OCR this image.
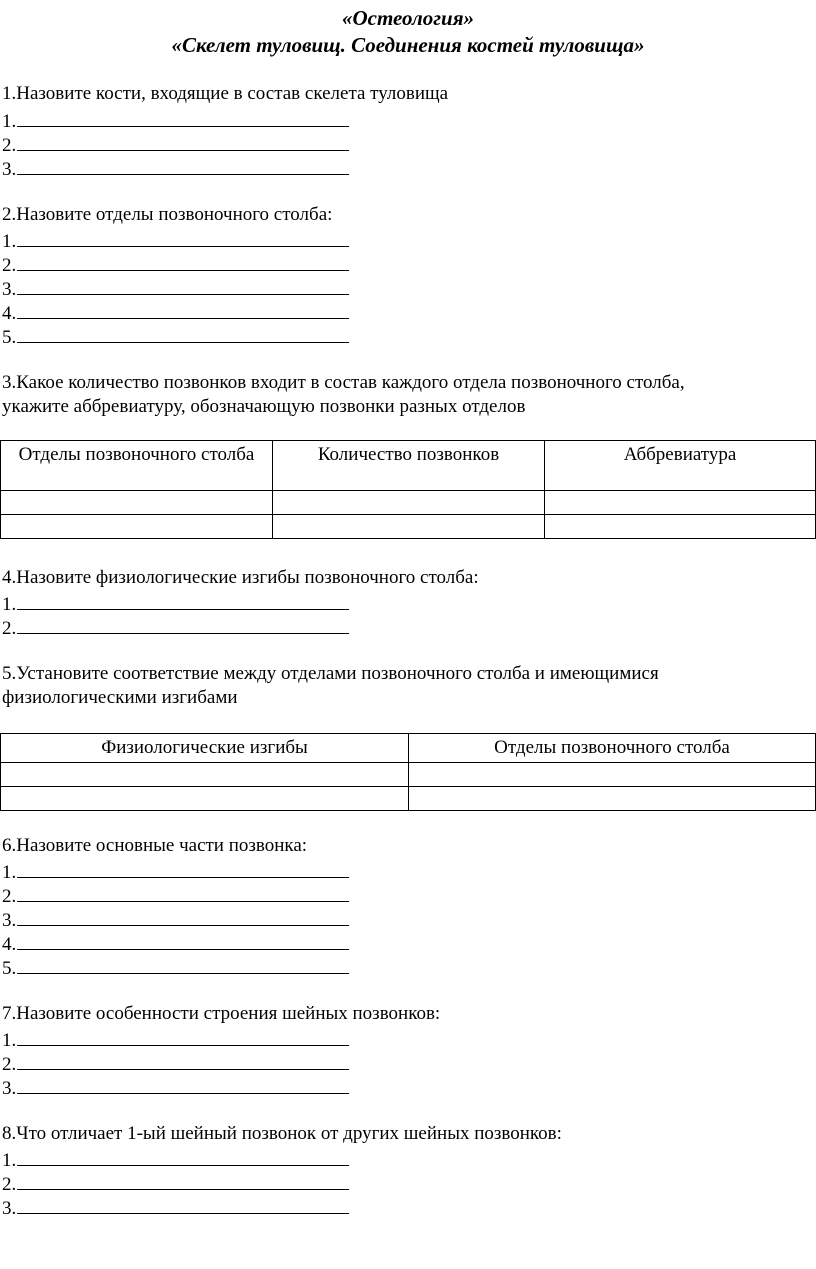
«Остеология»
«Скелет туловищ. Соединения костей туловища»
1.Назовите кости, входящие в состав скелета туловища
1.
2.
3.
2.Назовите отделы позвоночного столба:
1.
2.
3.
4.
5.
3.Какое количество позвонков входит в состав каждого отдела позвоночного столба,
укажите аббревиатуру, обозначающую позвонки разных отделов
Отделы позвоночного столба	Количество позвонков	Аббревиатура

4.Назовите физиологические изгибы позвоночного столба:
1.
2.
5.Установите соответствие между отделами позвоночного столба и имеющимися
физиологическими изгибами
Физиологические изгибы	Отделы позвоночного столба

6.Назовите основные части позвонка:
1.
2.
3.
4.
5.
7.Назовите особенности строения шейных позвонков:
1.
2.
3.
8.Что отличает 1-ый шейный позвонок от других шейных позвонков:
1.
2.
3.
